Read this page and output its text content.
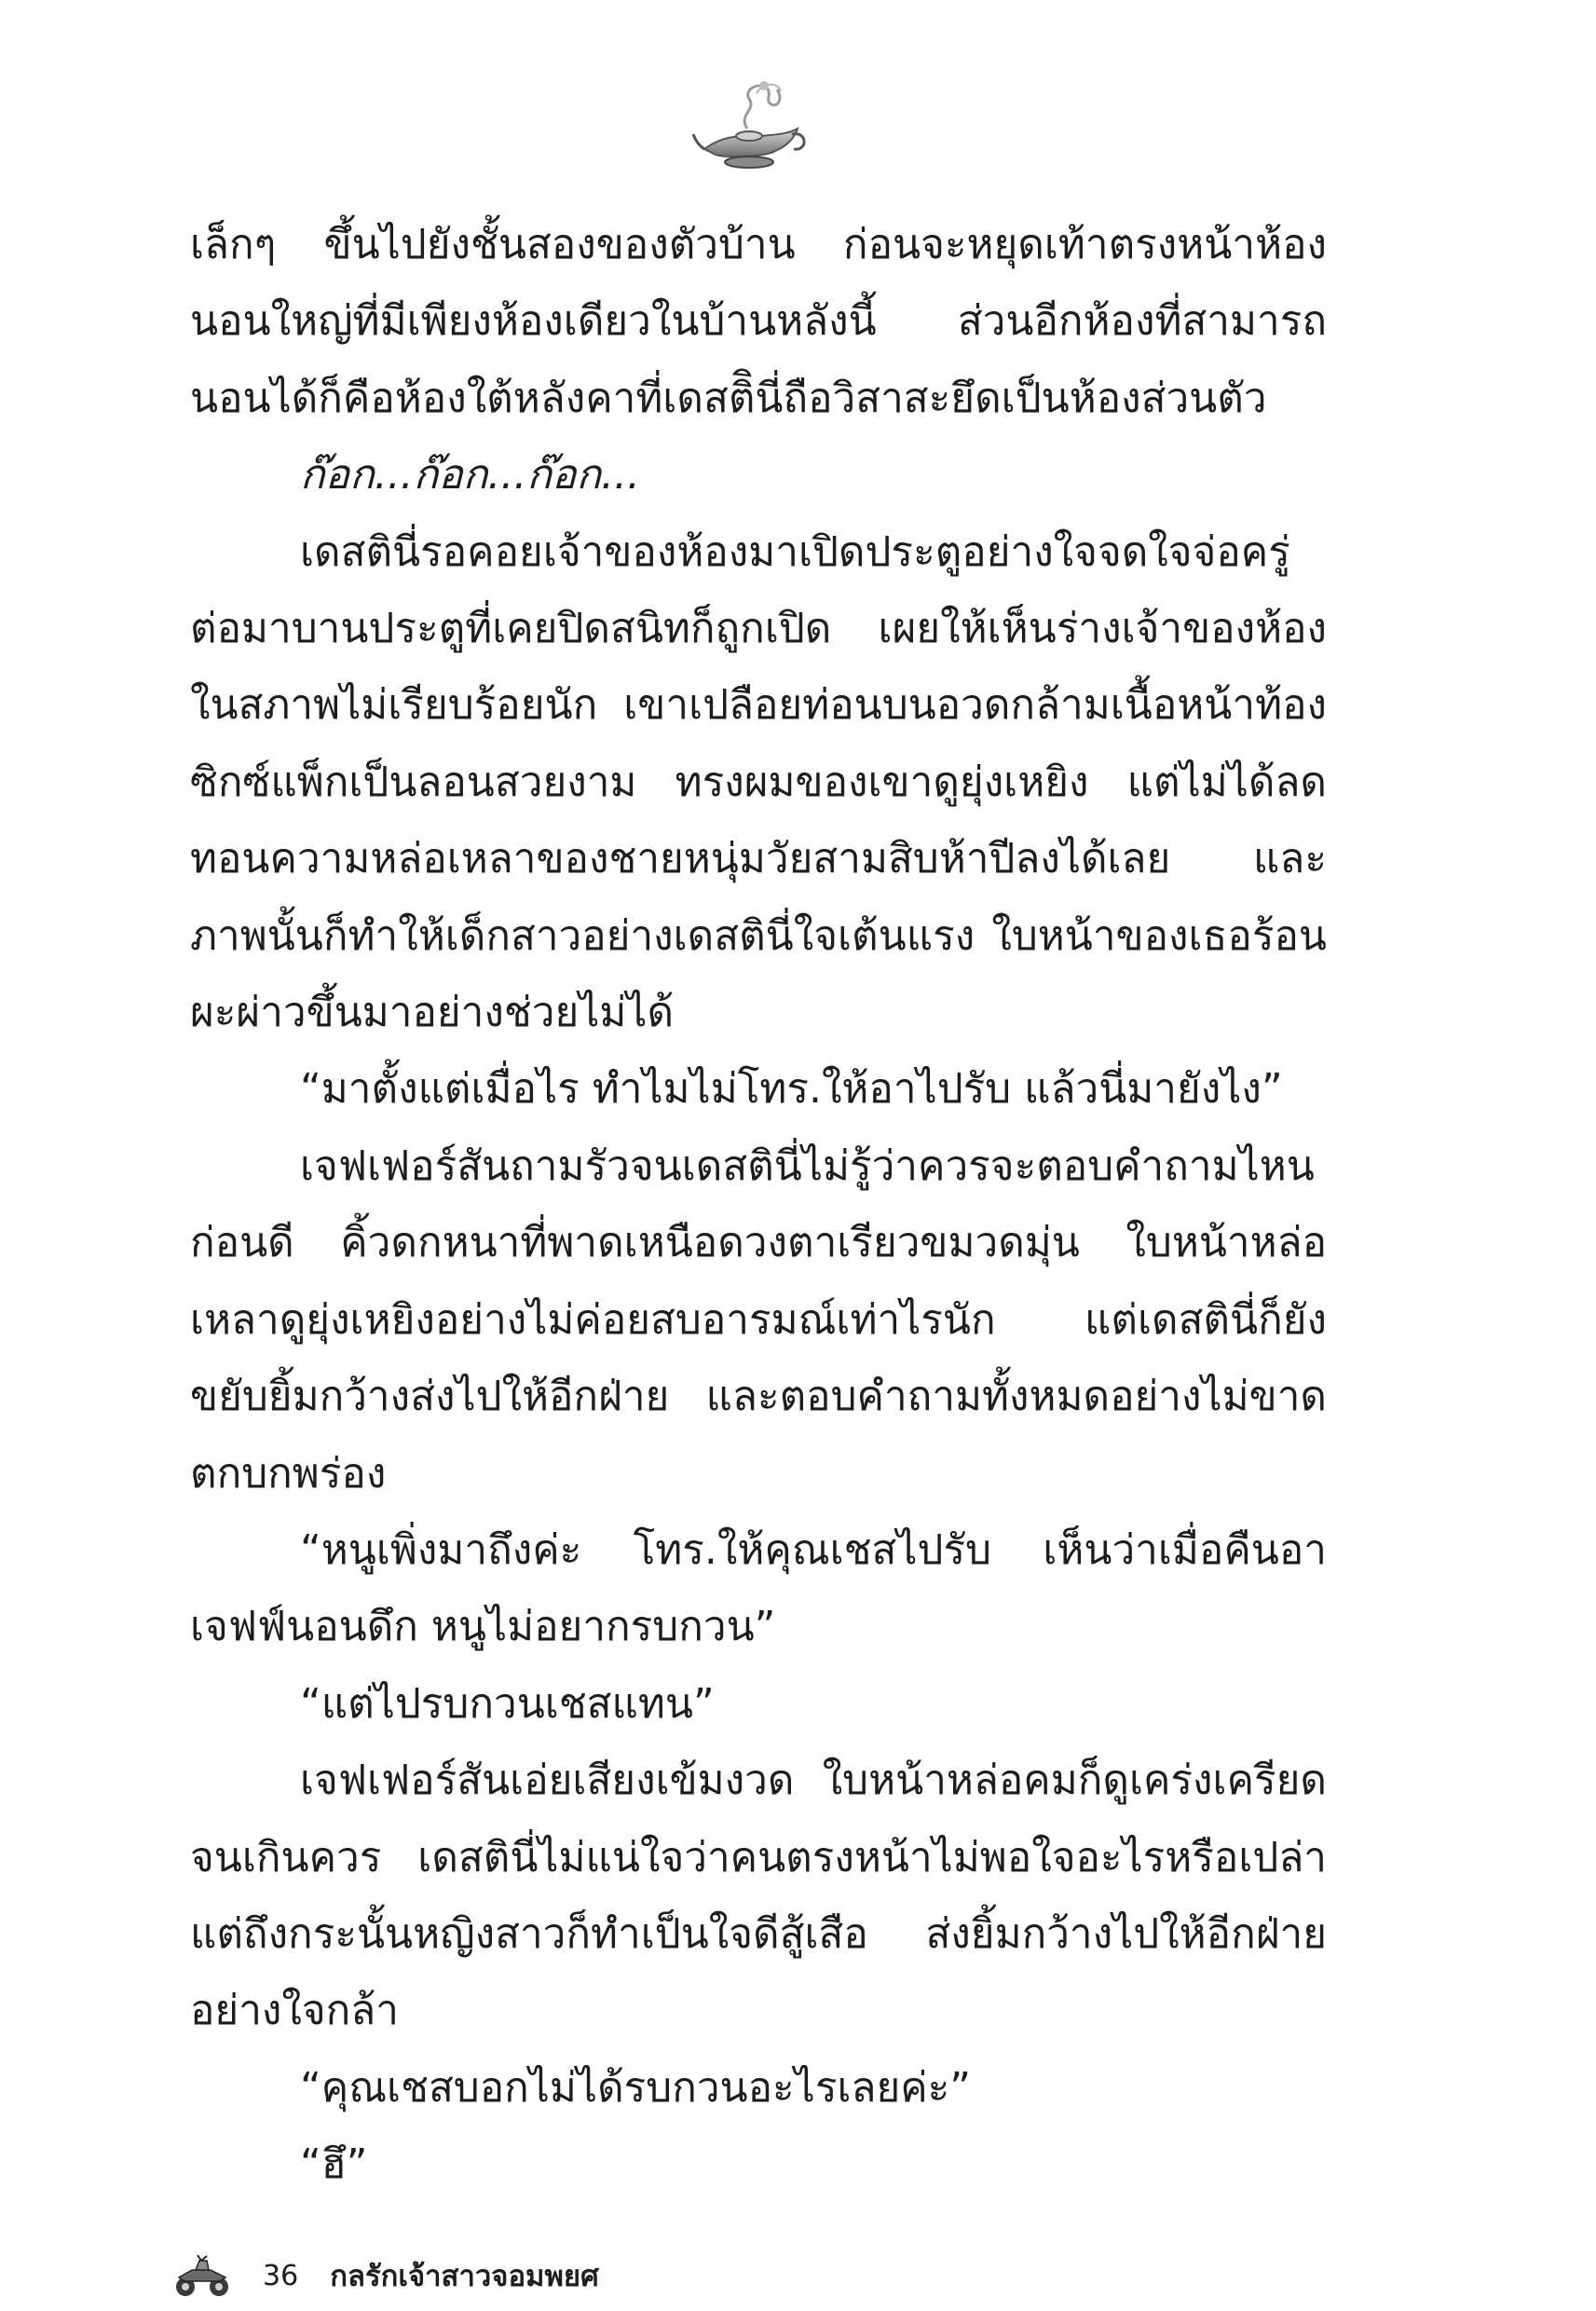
เล็กๆ ขึ้นไปยังชั้นสองของตัวบ้าน ก่อนจะหยุดเท้าตรงหน้าห้องนอนใหญ่ที่มีเพียงห้องเดียวในบ้านหลังนี้ ส่วนอีกห้องที่สามารถนอนได้ก็คือห้องใต้หลังคาที่เดสติินี่ถือวิสาสะยึดเป็นห้องส่วนตัว

ก๊อก...ก๊อก...ก๊อก...

เดสตินี่รอคอยเจ้าของห้องมาเปิดประตูอย่างใจจดใจจ่อครู่ต่อมาบานประตูที่เคยปิดสนิทก็ถูกเปิด เผยให้เห็นร่างเจ้าของห้องในสภาพไม่เรียบร้อยนัก เขาเปลือยท่อนบนอวดกล้ามเนื้อหน้าท้องซิกซ์แพ็กเป็นลอนสวยงาม ทรงผมของเขาดูยุ่งเหยิง แต่ไม่ได้ลดทอนความหล่อเหลาของชายหนุ่มวัยสามสิบห้าปีลงได้เลย และภาพนั้นก็ทำให้เด็กสาวอย่างเดสตินี่ใจเต้นแรง ใบหน้าของเธอร้อนผะผ่าวขึ้นมาอย่างช่วยไม่ได้

“มาตั้งแต่เมื่อไร ทำไมไม่โทร.ให้อาไปรับ แล้วนี่มายังไง”

เจฟเฟอร์สันถามรัวจนเดสตินี่ไม่รู้ว่าควรจะตอบคำถามไหนก่อนดี คิ้วดกหนาที่พาดเหนือดวงตาเรียวขมวดมุ่น ใบหน้าหล่อเหลาดูยุ่งเหยิงอย่างไม่ค่อยสบอารมณ์เท่าไรนัก แต่เดสตินี่ก็ยังขยับยิ้มกว้างส่งไปให้อีกฝ่าย และตอบคำถามทั้งหมดอย่างไม่ขาดตกบกพร่อง

“หนูเพิ่งมาถึงค่ะ โทร.ให้คุณเชสไปรับ เห็นว่าเมื่อคืนอาเจฟฟ์นอนดึก หนูไม่อยากรบกวน”

“แต่ไปรบกวนเชสแทน”

เจฟเฟอร์สันเอ่ยเสียงเข้มงวด ใบหน้าหล่อคมก็ดูเคร่งเครียดจนเกินควร เดสตินี่ไม่แน่ใจว่าคนตรงหน้าไม่พอใจอะไรหรือเปล่าแต่ถึงกระนั้นหญิงสาวก็ทำเป็นใจดีสู้เสือ ส่งยิ้มกว้างไปให้อีกฝ่ายอย่างใจกล้า

“คุณเชสบอกไม่ได้รบกวนอะไรเลยค่ะ”

“ฮึ”

36 กลรักเจ้าสาวจอมพยศ
